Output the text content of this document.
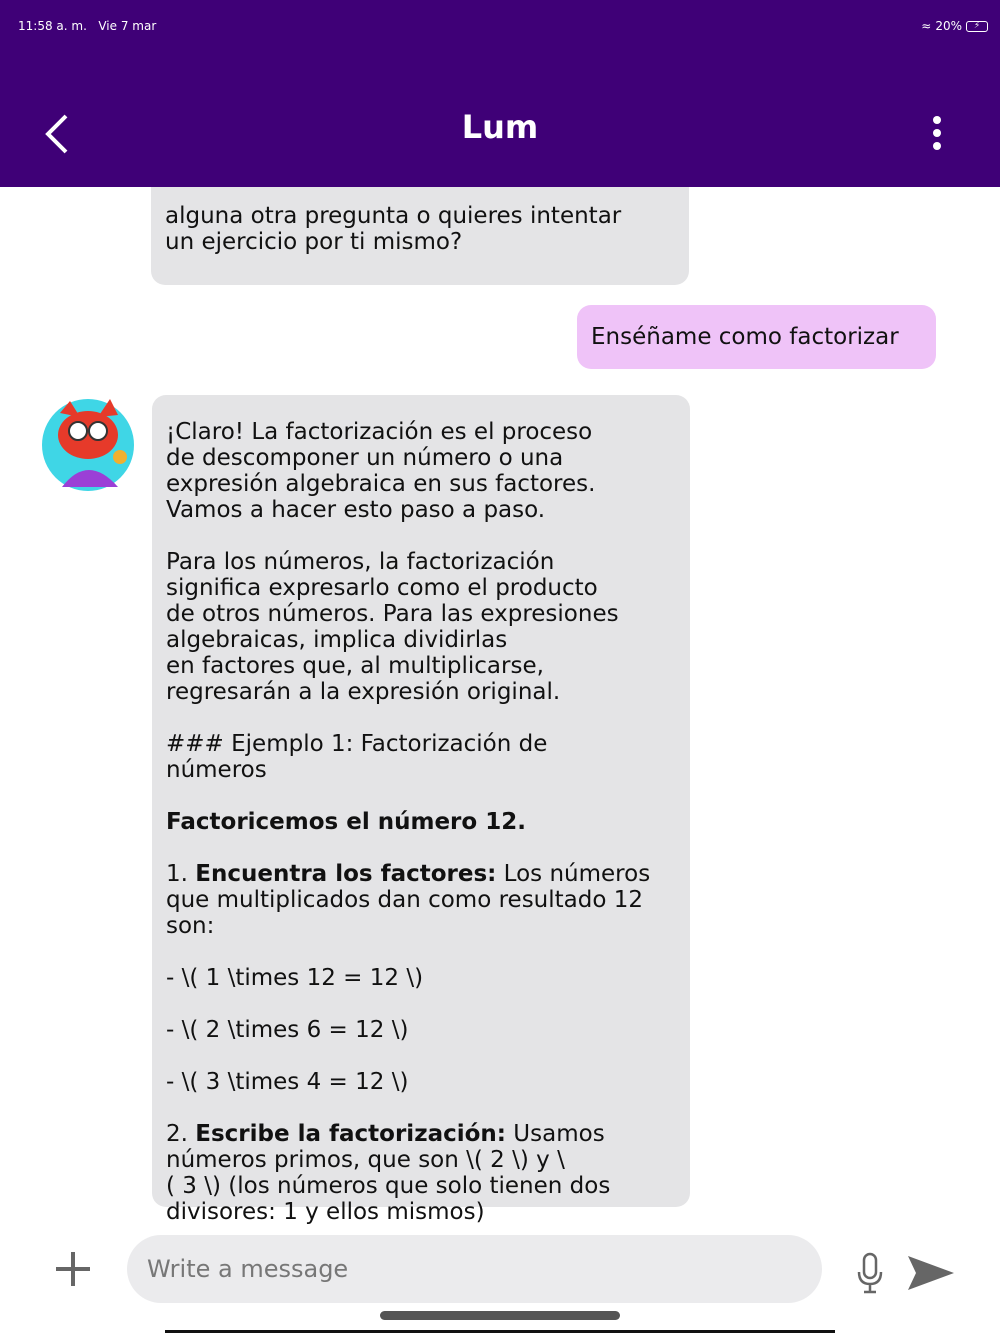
11:58 a. m. Vie 7 mar	≈ 20%	⚡
Lum
alguna otra pregunta o quieres intentar
un ejercicio por ti mismo?
Enséñame como factorizar
¡Claro! La factorización es el proceso
de descomponer un número o una
expresión algebraica en sus factores.
Vamos a hacer esto paso a paso.
Para los números, la factorización
significa expresarlo como el producto
de otros números. Para las expresiones
algebraicas, implica dividirlas
en factores que, al multiplicarse,
regresarán a la expresión original.
### Ejemplo 1: Factorización de
números
Factoricemos el número 12.
1. Encuentra los factores: Los números
que multiplicados dan como resultado 12
son:
- \( 1 \times 12 = 12 \)
- \( 2 \times 6 = 12 \)
- \( 3 \times 4 = 12 \)
2. Escribe la factorización: Usamos
números primos, que son \( 2 \) y \
( 3 \) (los números que solo tienen dos
divisores: 1 y ellos mismos)
Write a message
